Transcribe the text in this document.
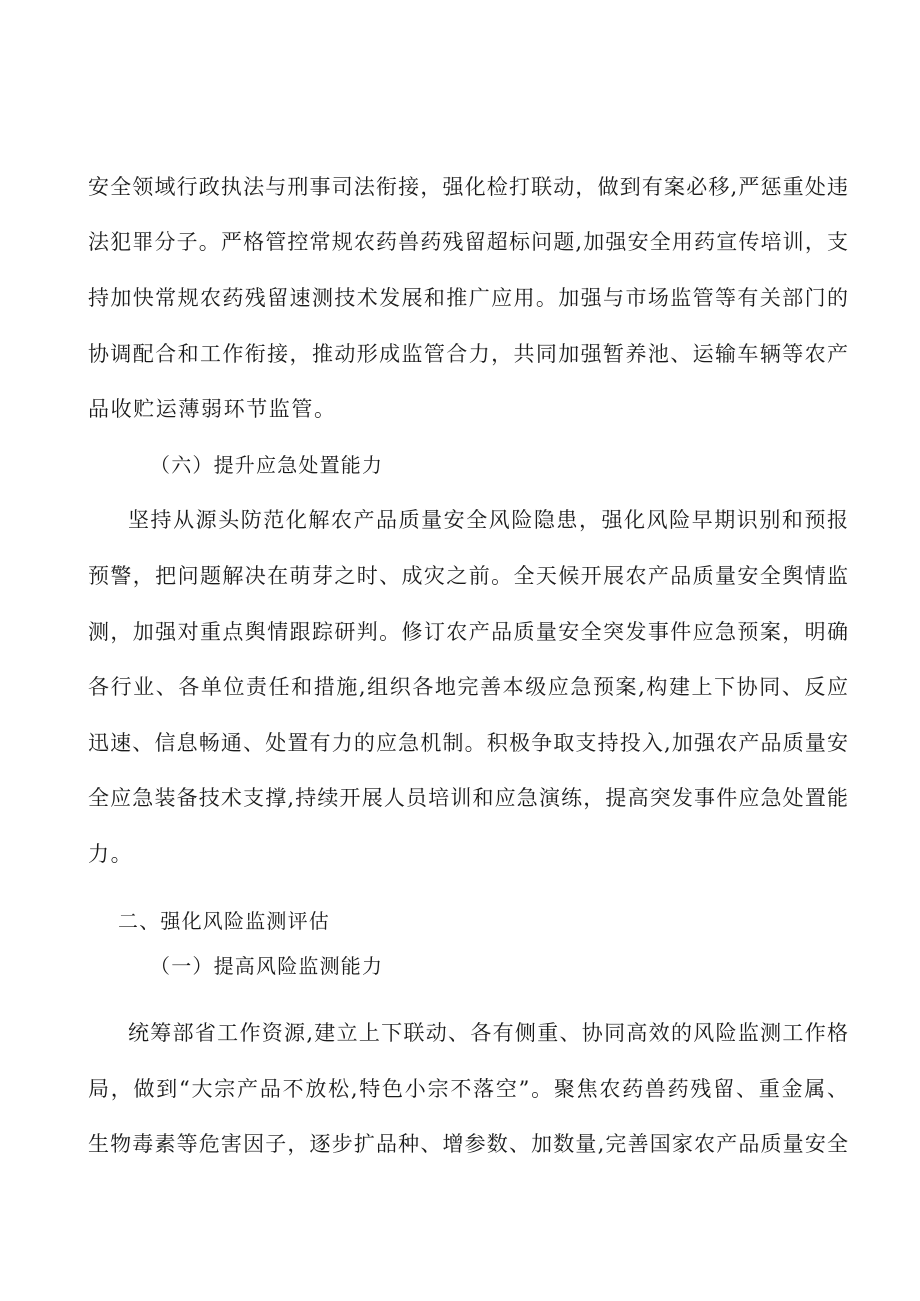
安全领域行政执法与刑事司法衔接，强化检打联动，做到有案必移,严惩重处违
法犯罪分子。严格管控常规农药兽药残留超标问题,加强安全用药宣传培训，支
持加快常规农药残留速测技术发展和推广应用。加强与市场监管等有关部门的
协调配合和工作衔接，推动形成监管合力，共同加强暂养池、运输车辆等农产
品收贮运薄弱环节监管。
（六）提升应急处置能力
坚持从源头防范化解农产品质量安全风险隐患，强化风险早期识别和预报
预警，把问题解决在萌芽之时、成灾之前。全天候开展农产品质量安全舆情监
测，加强对重点舆情跟踪研判。修订农产品质量安全突发事件应急预案，明确
各行业、各单位责任和措施,组织各地完善本级应急预案,构建上下协同、反应
迅速、信息畅通、处置有力的应急机制。积极争取支持投入,加强农产品质量安
全应急装备技术支撑,持续开展人员培训和应急演练，提高突发事件应急处置能
力。
二、强化风险监测评估
（一）提高风险监测能力
统筹部省工作资源,建立上下联动、各有侧重、协同高效的风险监测工作格
局，做到“大宗产品不放松,特色小宗不落空”。聚焦农药兽药残留、重金属、
生物毒素等危害因子，逐步扩品种、增参数、加数量,完善国家农产品质量安全
